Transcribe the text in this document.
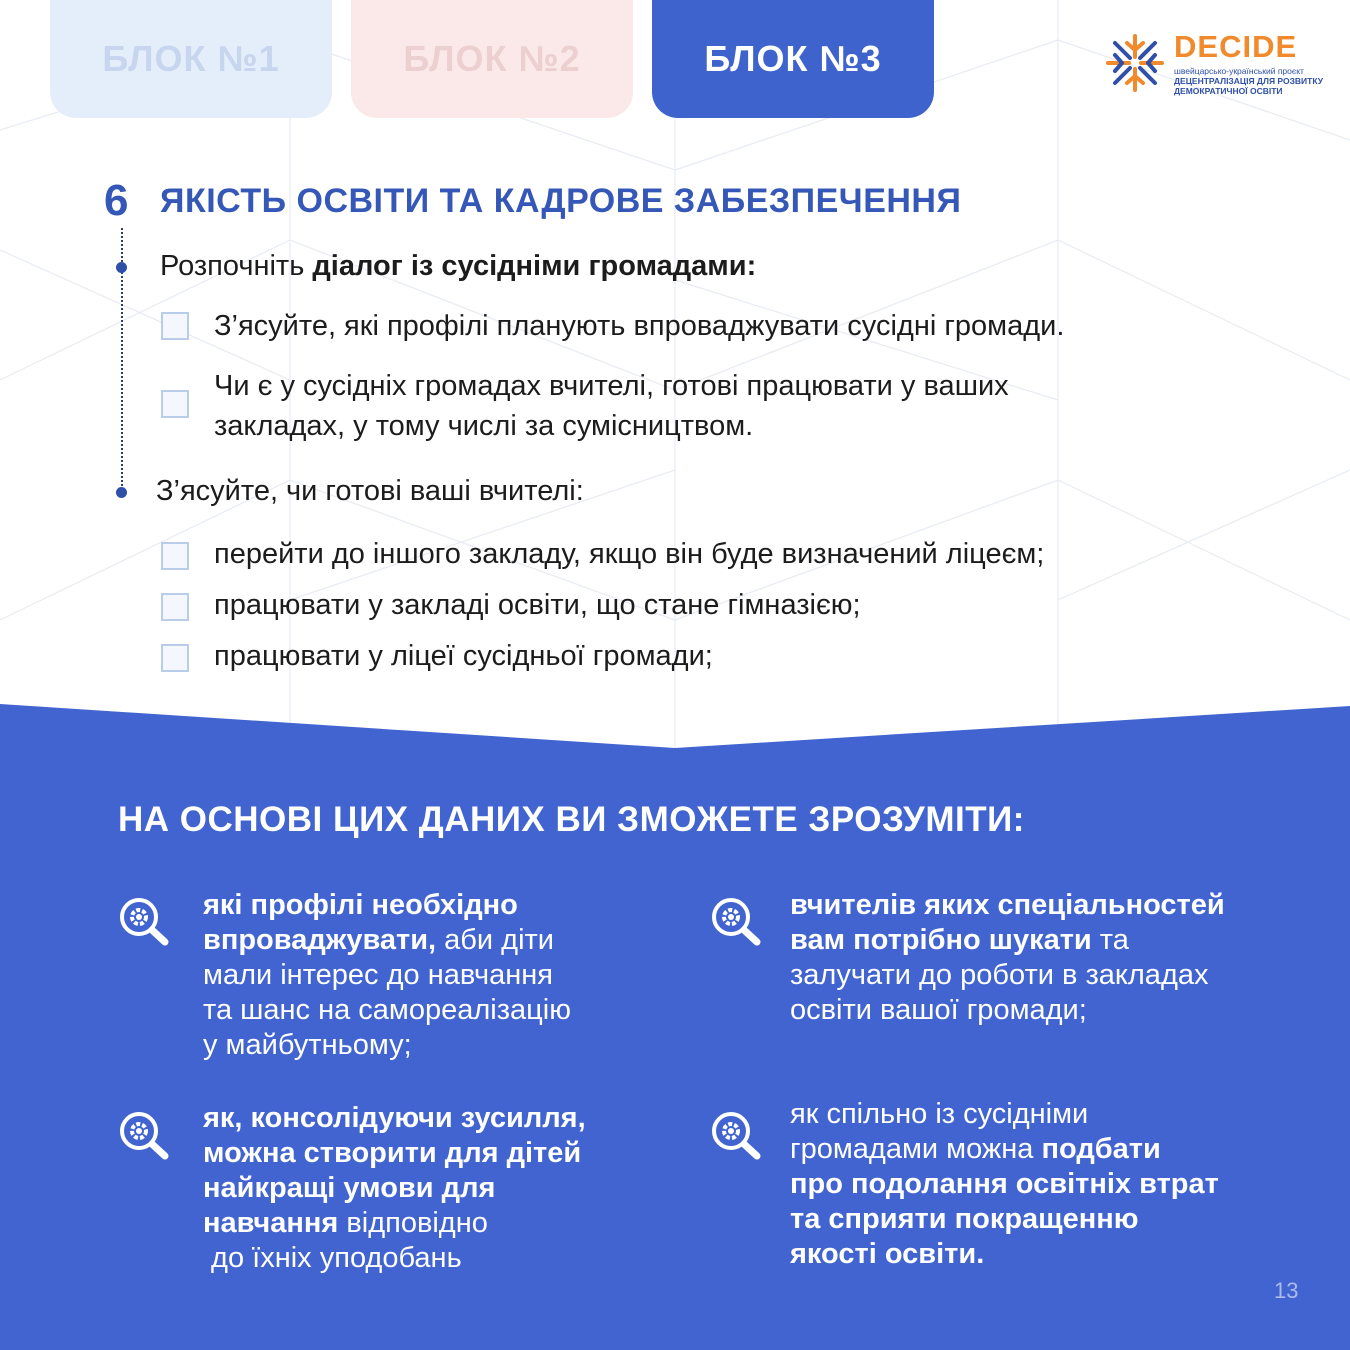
БЛОК №1	БЛОК №2	БЛОК №3	DECIDE
швейцарсько-український проєкт
ДЕЦЕНТРАЛІЗАЦІЯ ДЛЯ РОЗВИТКУ
ДЕМОКРАТИЧНОЇ ОСВІТИ
6 ЯКІСТЬ ОСВІТИ ТА КАДРОВЕ ЗАБЕЗПЕЧЕННЯ
Розпочніть діалог із сусідніми громадами:
З’ясуйте, які профілі планують впроваджувати сусідні громади.
Чи є у сусідніх громадах вчителі, готові працювати у ваших
закладах, у тому числі за сумісництвом.
З’ясуйте, чи готові ваші вчителі:
перейти до іншого закладу, якщо він буде визначений ліцеєм;
працювати у закладі освіти, що стане гімназією;
працювати у ліцеї сусідньої громади;
НА ОСНОВІ ЦИХ ДАНИХ ВИ ЗМОЖЕТЕ ЗРОЗУМІТИ:
які профілі необхідно
впроваджувати, аби діти
мали інтерес до навчання
та шанс на самореалізацію
у майбутньому;
вчителів яких спеціальностей
вам потрібно шукати та
залучати до роботи в закладах
освіти вашої громади;
як, консолідуючи зусилля,
можна створити для дітей
найкращі умови для
навчання відповідно
до їхніх уподобань
як спільно із сусідніми
громадами можна подбати
про подолання освітніх втрат
та сприяти покращенню
якості освіти.
13
